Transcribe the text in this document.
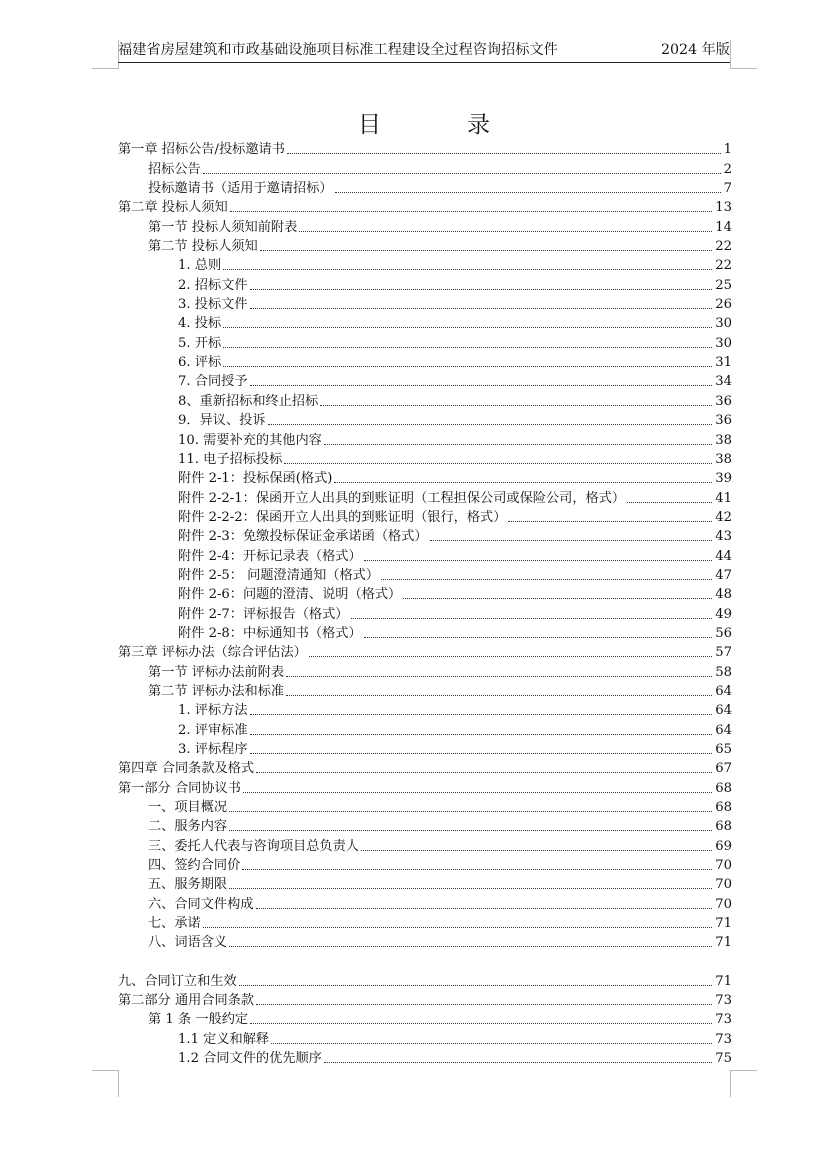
福建省房屋建筑和市政基础设施项目标准工程建设全过程咨询招标文件	2024 年版
目录
第一章 招标公告/投标邀请书	1
招标公告	2
投标邀请书（适用于邀请招标）	7
第二章 投标人须知	13
第一节 投标人须知前附表	14
第二节 投标人须知	22
1. 总则	22
2. 招标文件	25
3. 投标文件	26
4. 投标	30
5. 开标	30
6. 评标	31
7. 合同授予	34
8、重新招标和终止招标	36
9．异议、投诉	36
10. 需要补充的其他内容	38
11. 电子招标投标	38
附件 2-1：投标保函(格式)	39
附件 2-2-1：保函开立人出具的到账证明（工程担保公司或保险公司，格式）	41
附件 2-2-2：保函开立人出具的到账证明（银行，格式）	42
附件 2-3：免缴投标保证金承诺函（格式）	43
附件 2-4：开标记录表（格式）	44
附件 2-5： 问题澄清通知（格式）	47
附件 2-6：问题的澄清、说明（格式）	48
附件 2-7：评标报告（格式）	49
附件 2-8：中标通知书（格式）	56
第三章 评标办法（综合评估法）	57
第一节 评标办法前附表	58
第二节 评标办法和标准	64
1. 评标方法	64
2. 评审标准	64
3. 评标程序	65
第四章 合同条款及格式	67
第一部分 合同协议书	68
一、项目概况	68
二、服务内容	68
三、委托人代表与咨询项目总负责人	69
四、签约合同价	70
五、服务期限	70
六、合同文件构成	70
七、承诺	71
八、词语含义	71
九、合同订立和生效	71
第二部分 通用合同条款	73
第 1 条 一般约定	73
1.1 定义和解释	73
1.2 合同文件的优先顺序	75
